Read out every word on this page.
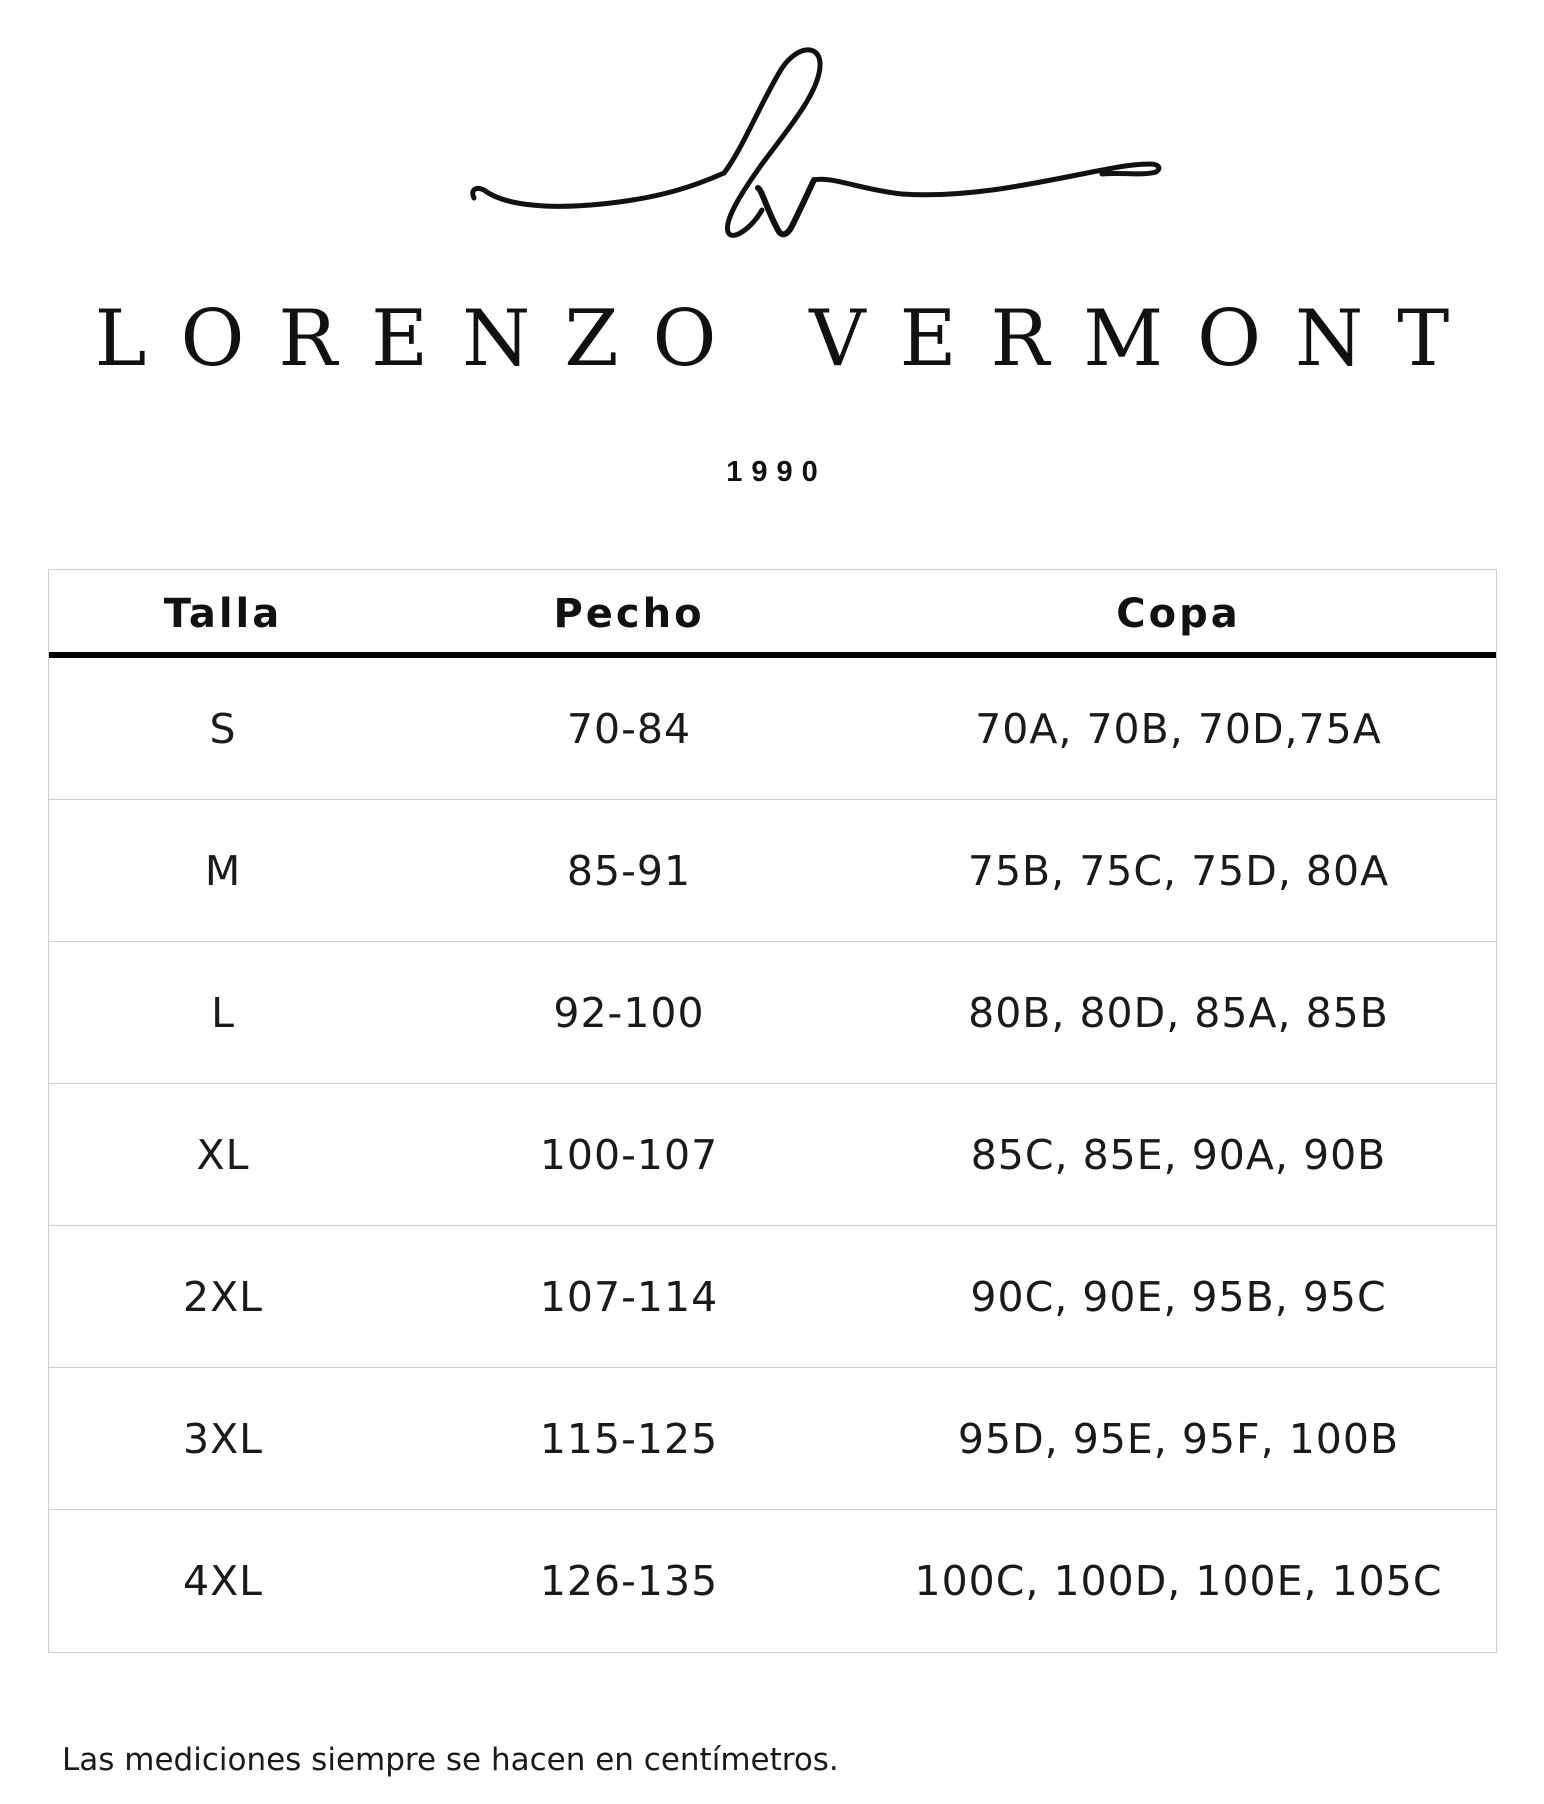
LORENZO VERMONT
1990
Talla	Pecho	Copa
S	70-84	70A, 70B, 70D,75A
M	85-91	75B, 75C, 75D, 80A
L	92-100	80B, 80D, 85A, 85B
XL	100-107	85C, 85E, 90A, 90B
2XL	107-114	90C, 90E, 95B, 95C
3XL	115-125	95D, 95E, 95F, 100B
4XL	126-135	100C, 100D, 100E, 105C
Las mediciones siempre se hacen en centímetros.
